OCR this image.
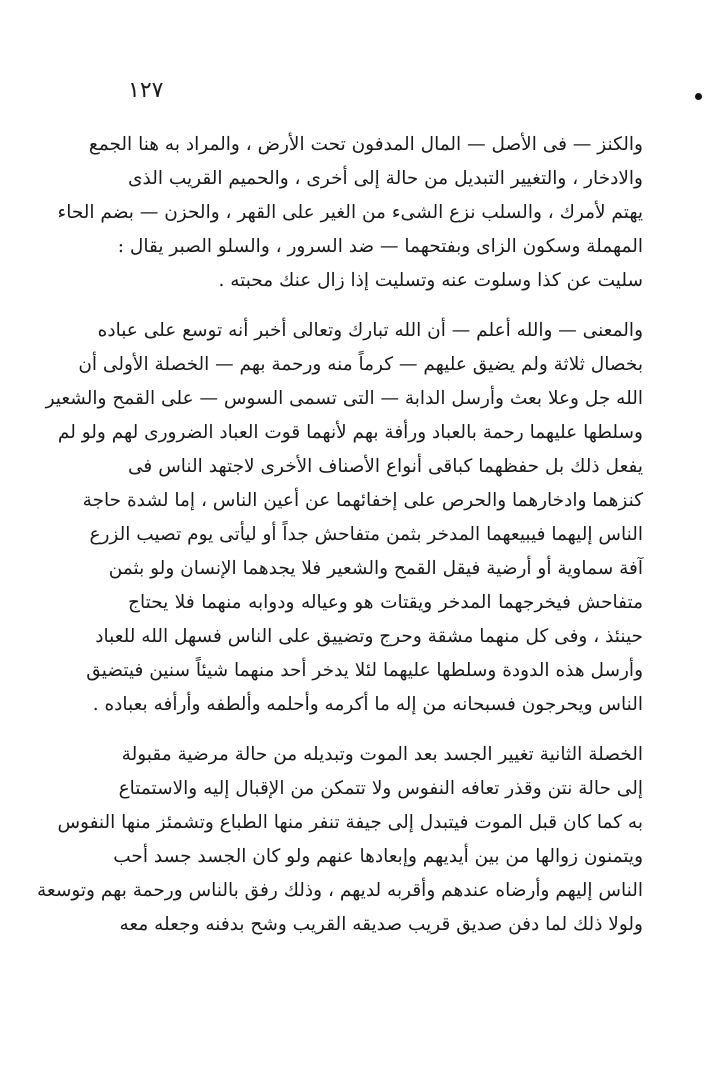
١٢٧
والكنز — فى الأصل — المال المدفون تحت الأرض ، والمراد به هنا الجمع
والادخار ، والتغيير التبديل من حالة إلى أخرى ، والحميم القريب الذى
يهتم لأمرك ، والسلب نزع الشىء من الغير على القهر ، والحزن — بضم الحاء
المهملة وسكون الزاى وبفتحهما — ضد السرور ، والسلو الصبر يقال :
سليت عن كذا وسلوت عنه وتسليت إذا زال عنك محبته .
والمعنى — والله أعلم — أن الله تبارك وتعالى أخبر أنه توسع على عباده
بخصال ثلاثة ولم يضيق عليهم — كرماً منه ورحمة بهم — الخصلة الأولى أن
الله جل وعلا بعث وأرسل الدابة — التى تسمى السوس — على القمح والشعير
وسلطها عليهما رحمة بالعباد ورأفة بهم لأنهما قوت العباد الضرورى لهم ولو لم
يفعل ذلك بل حفظهما كباقى أنواع الأصناف الأخرى لاجتهد الناس فى
كنزهما وادخارهما والحرص على إخفائهما عن أعين الناس ، إما لشدة حاجة
الناس إليهما فيبيعهما المدخر بثمن متفاحش جداً أو ليأتى يوم تصيب الزرع
آفة سماوية أو أرضية فيقل القمح والشعير فلا يجدهما الإنسان ولو بثمن
متفاحش فيخرجهما المدخر ويقتات هو وعياله ودوابه منهما فلا يحتاج
حينئذ ، وفى كل منهما مشقة وحرج وتضييق على الناس فسهل الله للعباد
وأرسل هذه الدودة وسلطها عليهما لئلا يدخر أحد منهما شيئاً سنين فيتضيق
الناس ويحرجون فسبحانه من إله ما أكرمه وأحلمه وألطفه وأرأفه بعباده .
الخصلة الثانية تغيير الجسد بعد الموت وتبديله من حالة مرضية مقبولة
إلى حالة نتن وقذر تعافه النفوس ولا تتمكن من الإقبال إليه والاستمتاع
به كما كان قبل الموت فيتبدل إلى جيفة تنفر منها الطباع وتشمئز منها النفوس
ويتمنون زوالها من بين أيديهم وإبعادها عنهم ولو كان الجسد جسد أحب
الناس إليهم وأرضاه عندهم وأقربه لديهم ، وذلك رفق بالناس ورحمة بهم وتوسعة
ولولا ذلك لما دفن صديق قريب صديقه القريب وشح بدفنه وجعله معه
